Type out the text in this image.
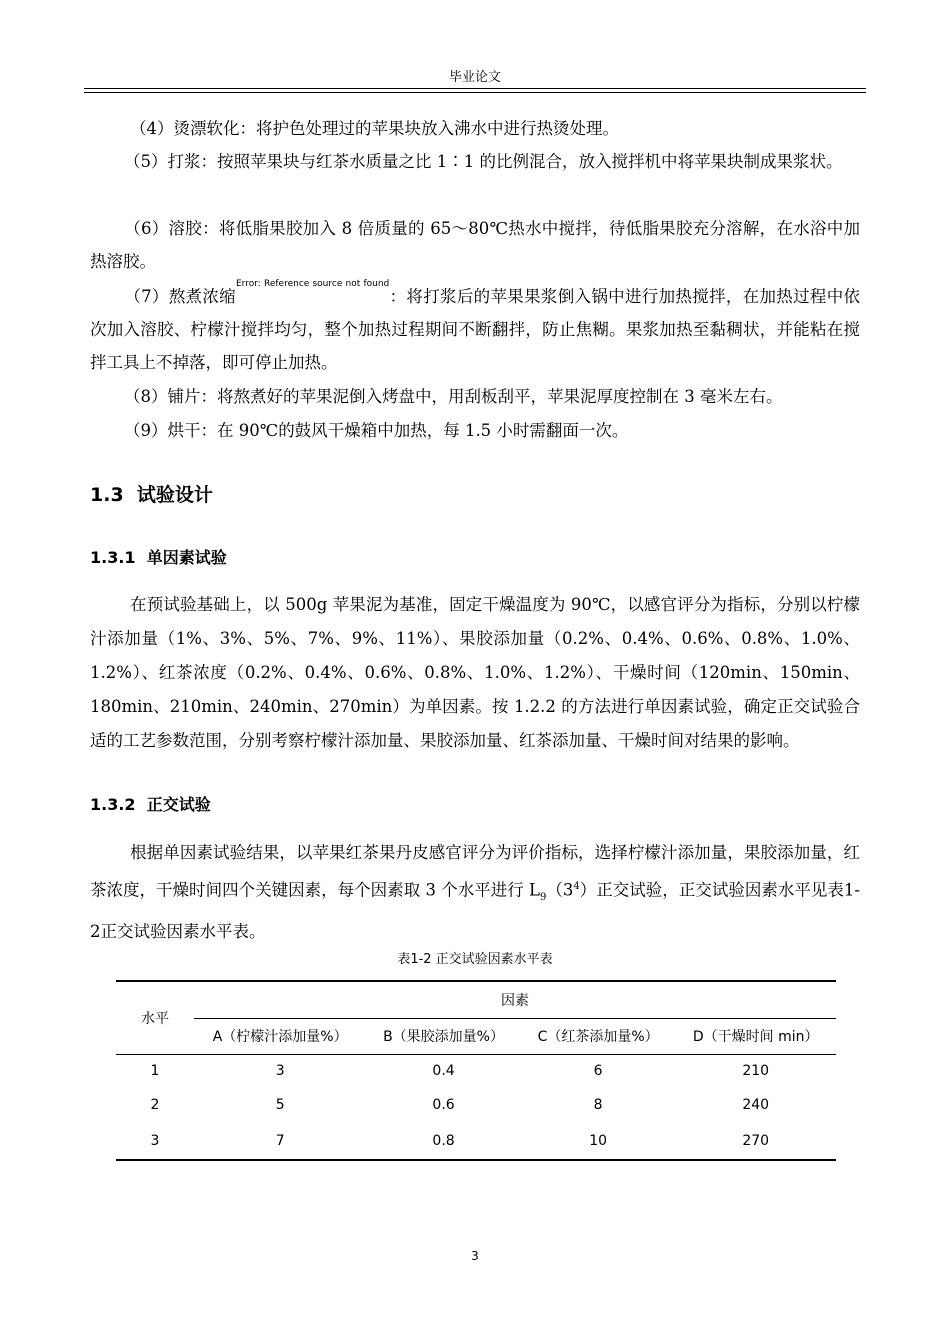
毕业论文

（4）烫漂软化：将护色处理过的苹果块放入沸水中进行热烫处理。

（5）打浆：按照苹果块与红茶水质量之比 1∶1 的比例混合，放入搅拌机中将苹果块制成果浆状。

（6）溶胶：将低脂果胶加入 8 倍质量的 65～80℃热水中搅拌，待低脂果胶充分溶解，在水浴中加热溶胶。

（7）熬煮浓缩$^{Error: Reference source not found}$：将打浆后的苹果果浆倒入锅中进行加热搅拌，在加热过程中依次加入溶胶、柠檬汁搅拌均匀，整个加热过程期间不断翻拌，防止焦糊。果浆加热至黏稠状，并能粘在搅拌工具上不掉落，即可停止加热。

（8）铺片：将熬煮好的苹果泥倒入烤盘中，用刮板刮平，苹果泥厚度控制在 3 毫米左右。

（9）烘干：在 90℃的鼓风干燥箱中加热，每 1.5 小时需翻面一次。

1.3 试验设计
1.3.1 单因素试验

在预试验基础上，以 500g 苹果泥为基准，固定干燥温度为 90℃，以感官评分为指标，分别以柠檬汁添加量（1%、3%、5%、7%、9%、11%）、果胶添加量（0.2%、0.4%、0.6%、0.8%、1.0%、1.2%）、红茶浓度（0.2%、0.4%、0.6%、0.8%、1.0%、1.2%）、干燥时间（120min、150min、180min、210min、240min、270min）为单因素。按 1.2.2 的方法进行单因素试验，确定正交试验合适的工艺参数范围，分别考察柠檬汁添加量、果胶添加量、红茶添加量、干燥时间对结果的影响。

1.3.2 正交试验

根据单因素试验结果，以苹果红茶果丹皮感官评分为评价指标，选择柠檬汁添加量，果胶添加量，红茶浓度，干燥时间四个关键因素，每个因素取 3 个水平进行 $L_9(3^4)$正交试验，正交试验因素水平见表1-2正交试验因素水平表。

表1-2 正交试验因素水平表
水平	因素			
	A（柠檬汁添加量%）	B（果胶添加量%）	C（红茶添加量%）	D（干燥时间 min）
1	3	0.4	6	210
2	5	0.6	8	240
3	7	0.8	10	270
3
